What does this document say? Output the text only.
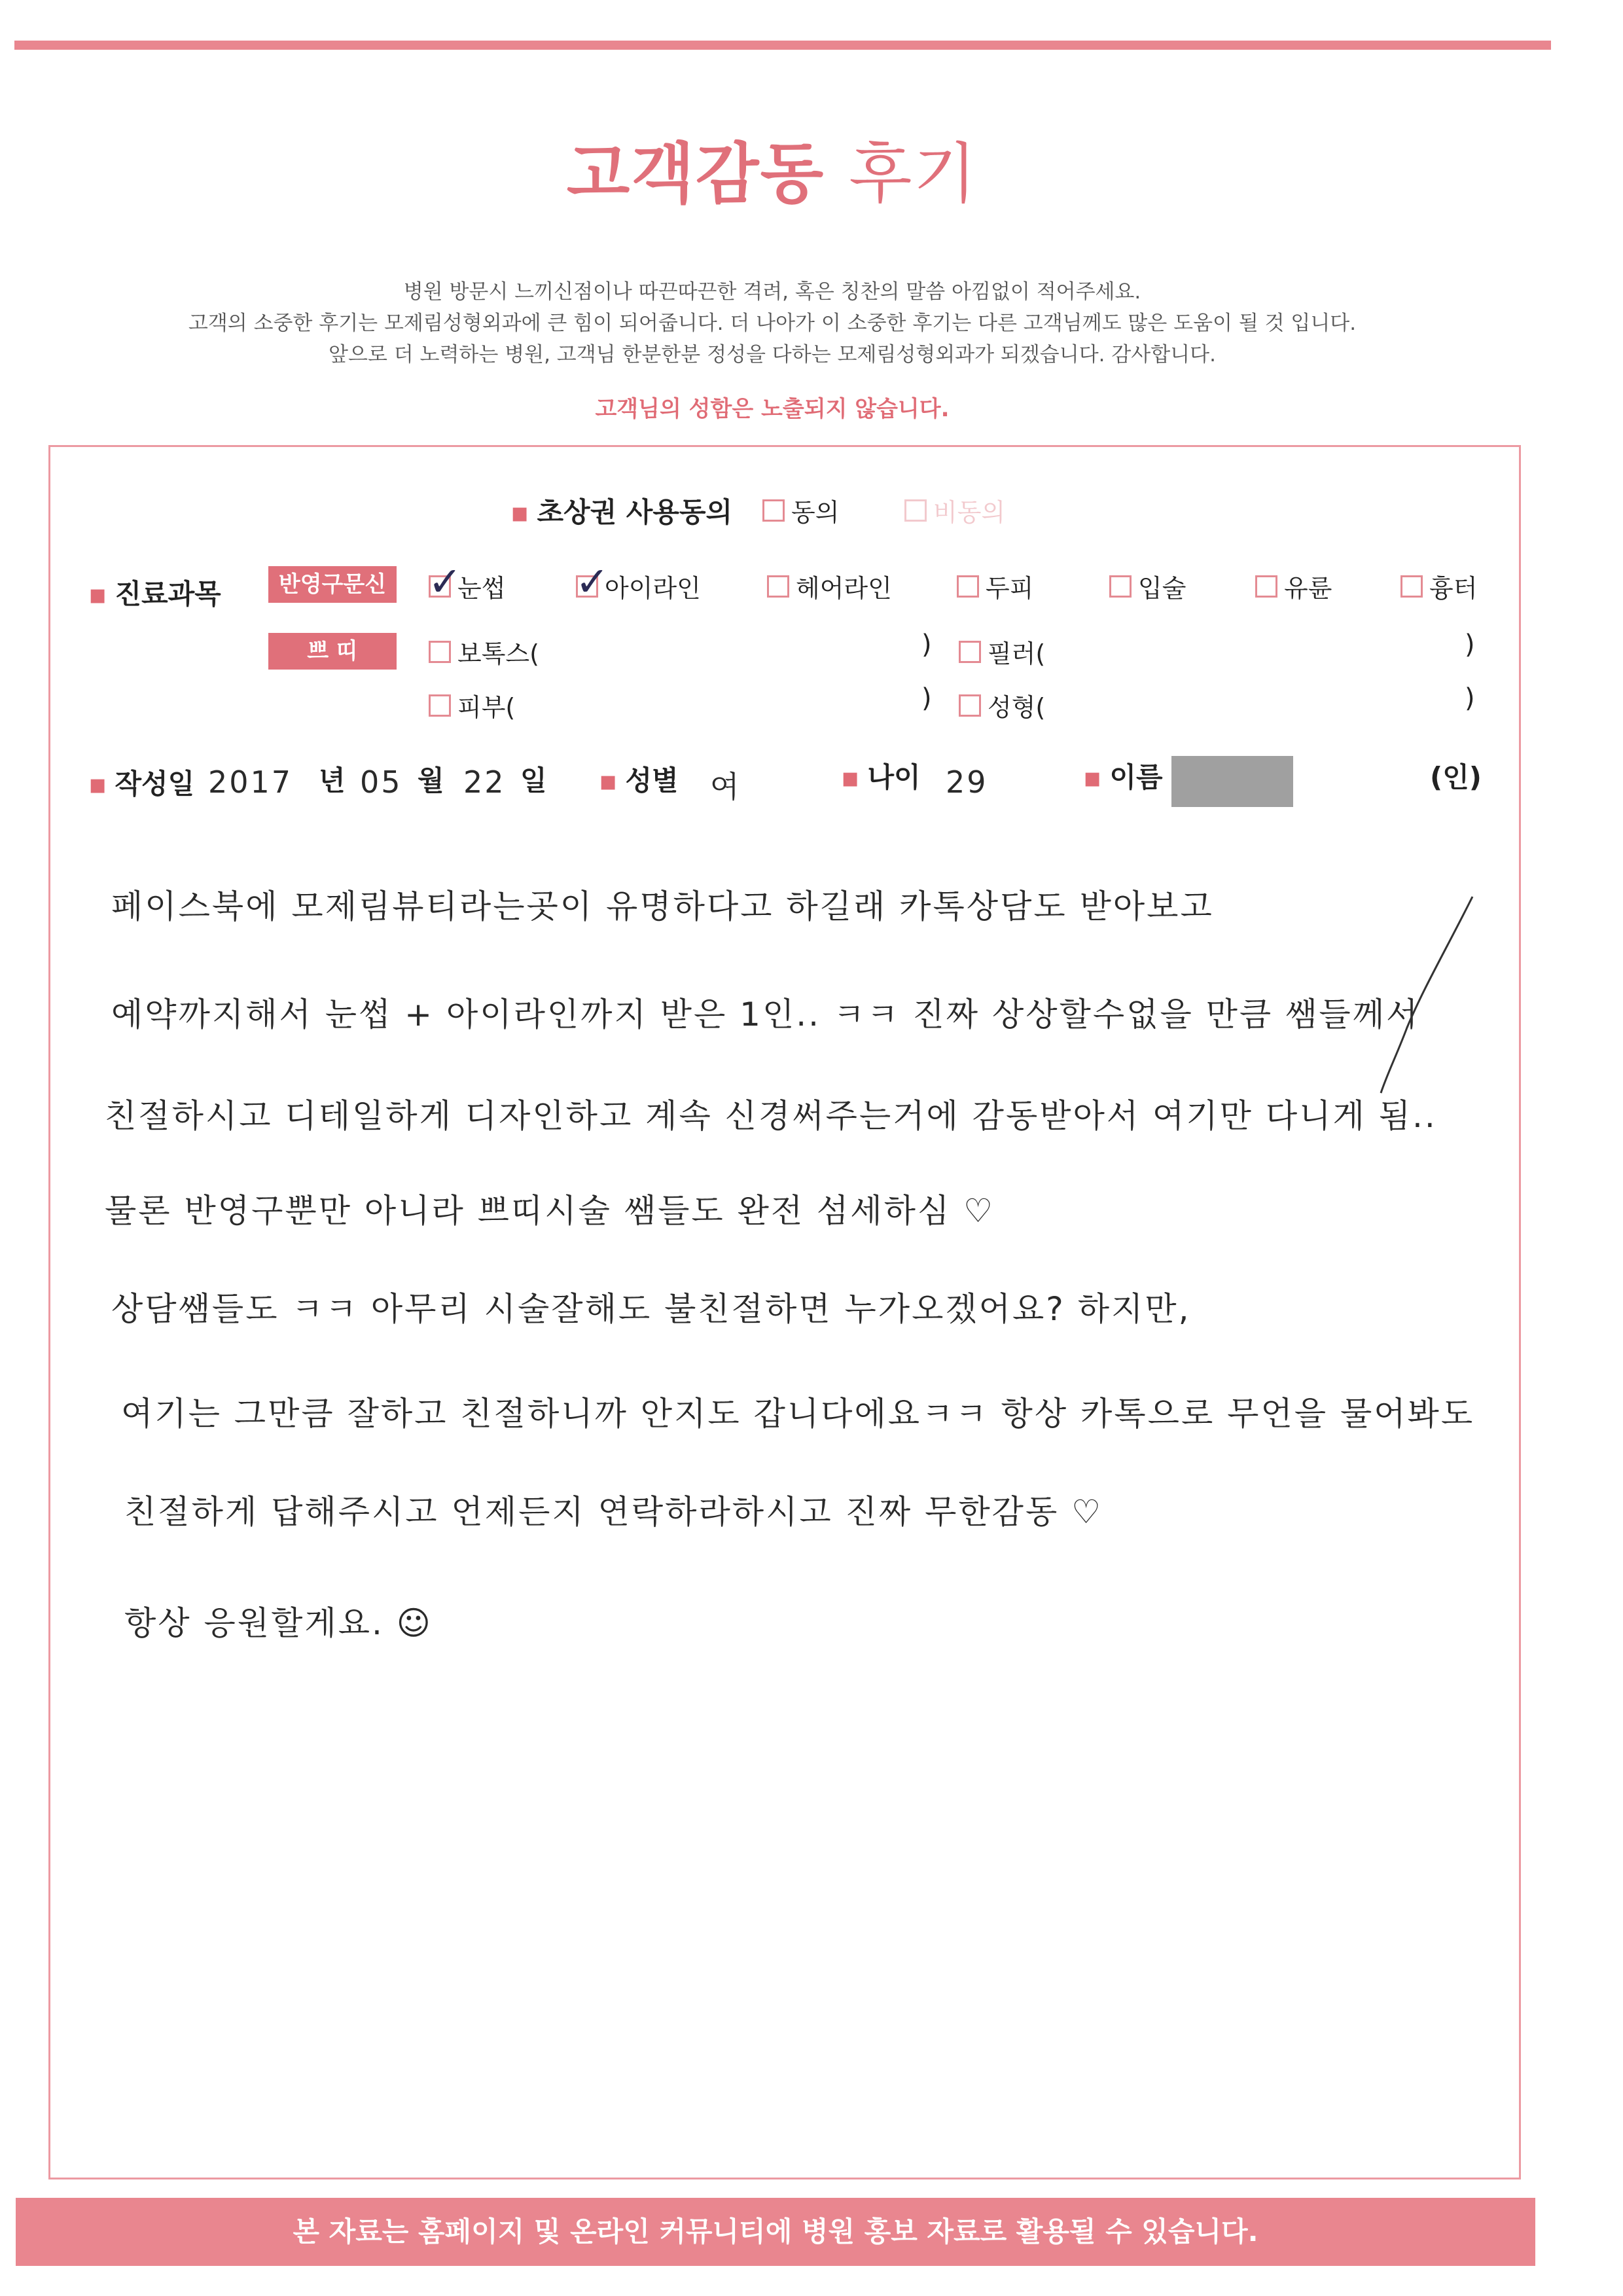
고객감동 후기
병원 방문시 느끼신점이나 따끈따끈한 격려, 혹은 칭찬의 말씀 아낌없이 적어주세요.
고객의 소중한 후기는 모제림성형외과에 큰 힘이 되어줍니다. 더 나아가 이 소중한 후기는 다른 고객님께도 많은 도움이 될 것 입니다.
앞으로 더 노력하는 병원, 고객님 한분한분 정성을 다하는 모제림성형외과가 되겠습니다. 감사합니다.
고객님의 성함은 노출되지 않습니다.
▪ 초상권 사용동의 동의	비동의
▪ 진료과목	반영구문신 ✓	눈썹 ✓	아이라인	헤어라인	두피	입술	유륜	흉터
쁘 띠	보톡스(	) 필러(	)
피부(	) 성형(	)
▪ 작성일 2017 년 05 월 22 일 ▪ 성별 여	▪ 나이 29	▪ 이름	(인)
페이스북에 모제림뷰티라는곳이 유명하다고 하길래 카톡상담도 받아보고
예약까지해서 눈썹 + 아이라인까지 받은 1인.. ㅋㅋ 진짜 상상할수없을 만큼 쌤들께서
친절하시고 디테일하게 디자인하고 계속 신경써주는거에 감동받아서 여기만 다니게 됨..
물론 반영구뿐만 아니라 쁘띠시술 쌤들도 완전 섬세하심 ♡
상담쌤들도 ㅋㅋ 아무리 시술잘해도 불친절하면 누가오겠어요? 하지만,
여기는 그만큼 잘하고 친절하니까 안지도 갑니다에요ㅋㅋ 항상 카톡으로 무언을 물어봐도
친절하게 답해주시고 언제든지 연락하라하시고 진짜 무한감동 ♡
항상 응원할게요. ☺
본 자료는 홈페이지 및 온라인 커뮤니티에 병원 홍보 자료로 활용될 수 있습니다.
